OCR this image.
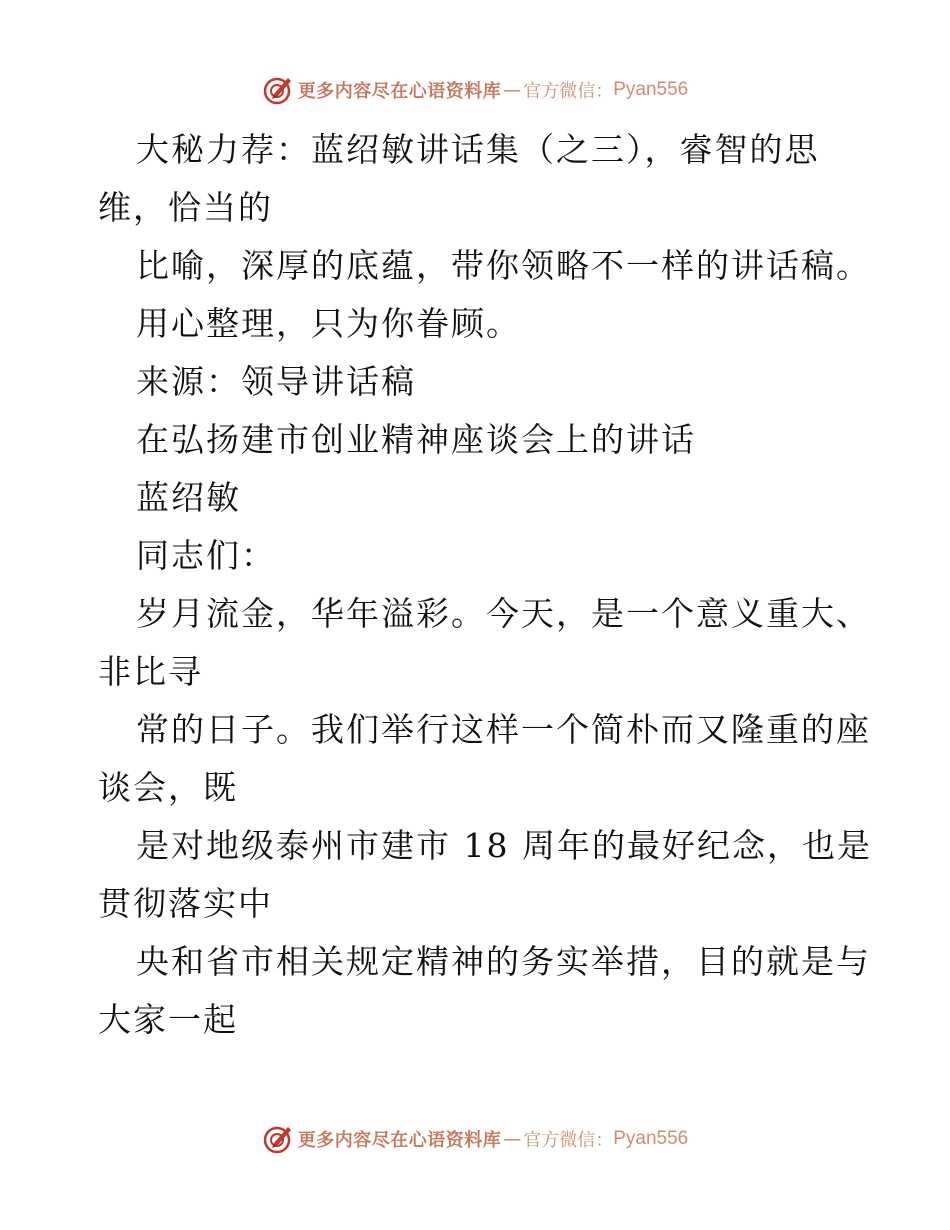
更多内容尽在心语资料库 — 官方微信： Pyan556
大秘力荐：蓝绍敏讲话集（之三），睿智的思
维，恰当的
比喻，深厚的底蕴，带你领略不一样的讲话稿。
用心整理，只为你眷顾。
来源：领导讲话稿
在弘扬建市创业精神座谈会上的讲话
蓝绍敏
同志们：
岁月流金，华年溢彩。今天，是一个意义重大、
非比寻
常的日子。我们举行这样一个简朴而又隆重的座
谈会，既
是对地级泰州市建市 18 周年的最好纪念，也是
贯彻落实中
央和省市相关规定精神的务实举措，目的就是与
大家一起
更多内容尽在心语资料库 — 官方微信： Pyan556
